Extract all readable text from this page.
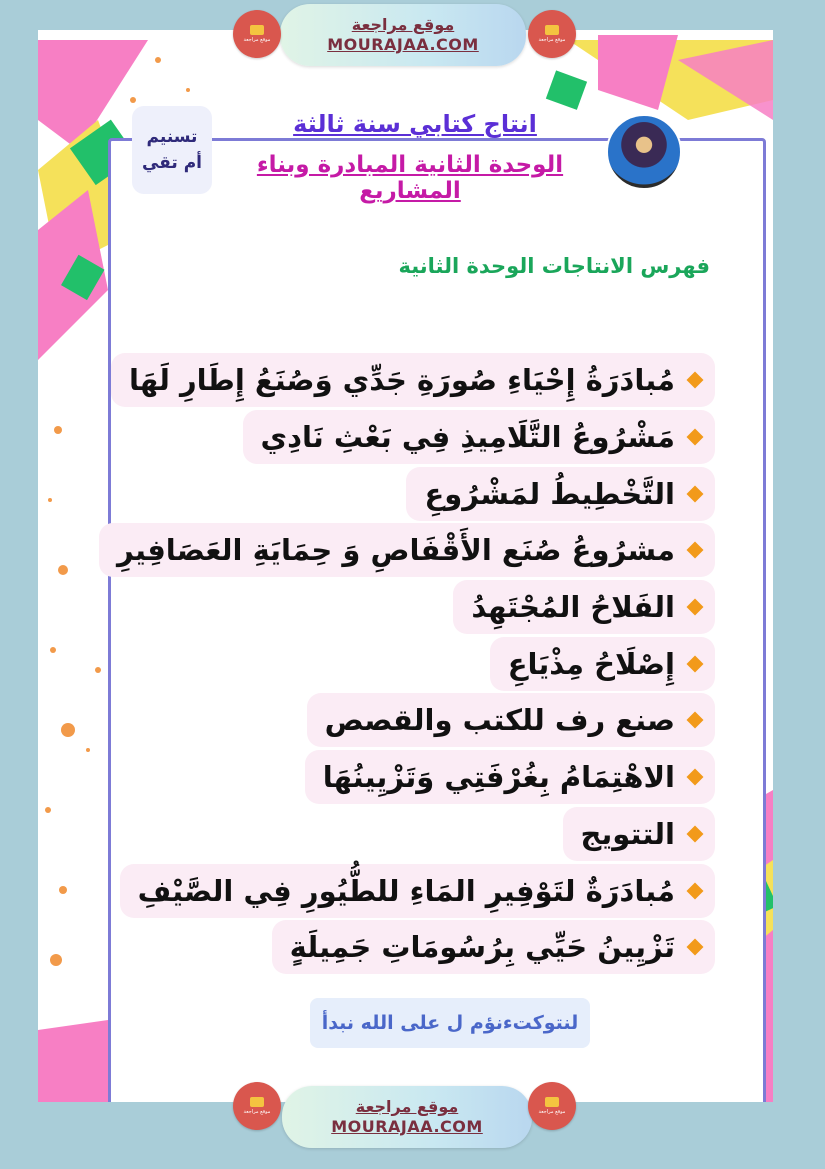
موقع مراجعة
MOURAJAA.COM
موقع مراجعة	موقع مراجعة
تسنيم
أم تقي
انتاج كتابي سنة ثالثة
الوحدة الثانية المبادرة وبناء المشاريع
فهرس الانتاجات الوحدة الثانية
مُبادَرَةُ إِحْيَاءِ صُورَةِ جَدِّي وَصُنَعُ إِطَارِ لَهَا
مَشْرُوعُ التَّلَامِيذِ فِي بَعْثِ نَادِي
التَّخْطِيطُ لمَشْرُوعِ
مشرُوعُ صُنَع الأَقْفَاصِ وَ حِمَايَةِ العَصَافِيرِ
الفَلاحُ المُجْتَهِدُ
إِصْلَاحُ مِذْيَاعِ
صنع رف للكتب والقصص
الاهْتِمَامُ بِغُرْفَتِي وَتَزْيِينُهَا
التتويج
مُبادَرَةٌ لتَوْفِيرِ المَاءِ للطُّيُورِ فِي الصَّيْفِ
تَزْيِينُ حَيِّي بِرُسُومَاتِ جَمِيلَةٍ
لنتوكتءنؤم ل على الله نبدأ
موقع مراجعة
MOURAJAA.COM
موقع مراجعة	موقع مراجعة
